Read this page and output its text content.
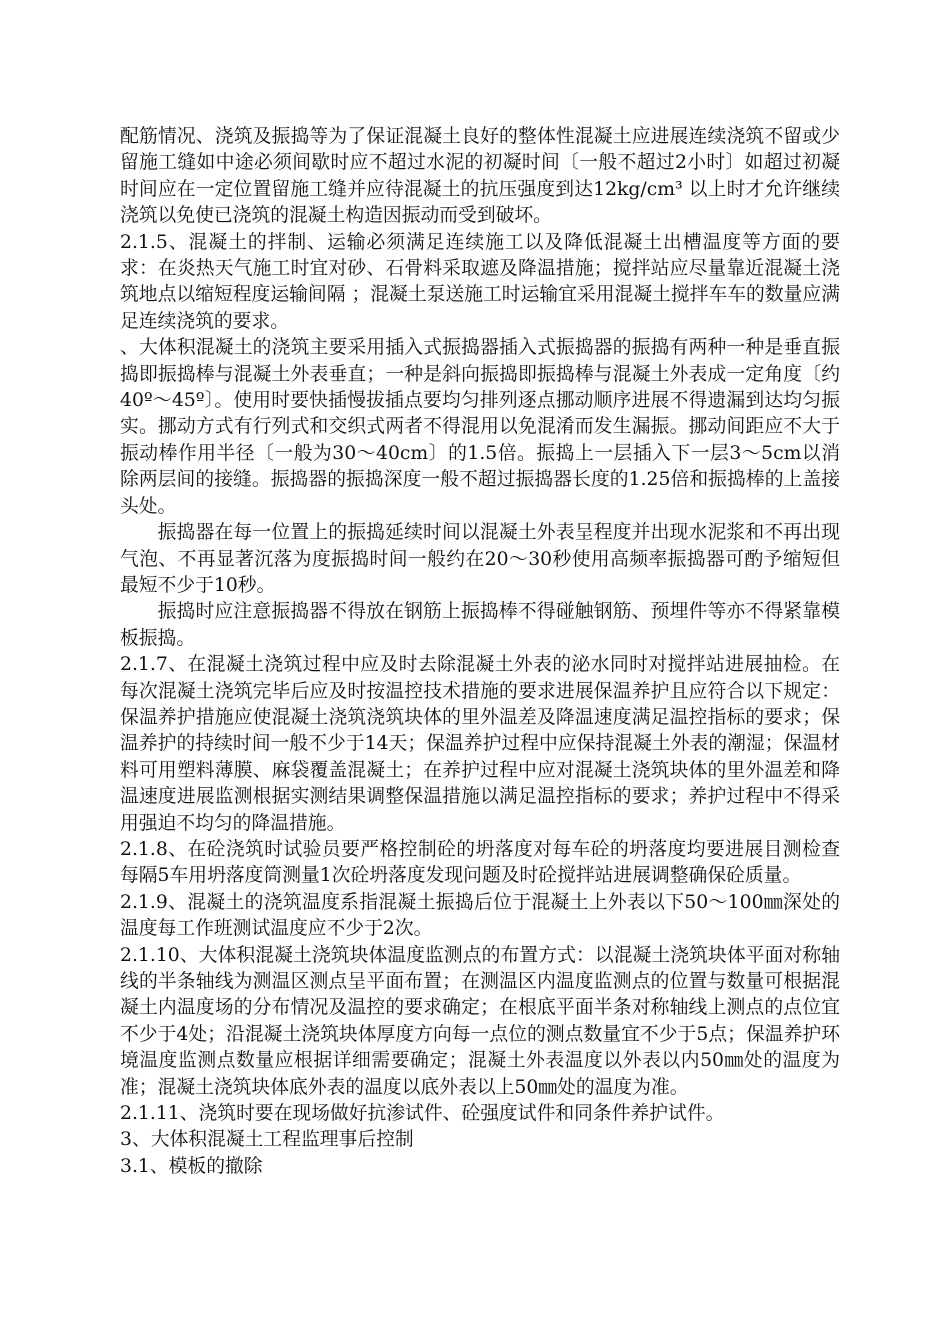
配筋情况、浇筑及振捣等为了保证混凝土良好的整体性混凝土应进展连续浇筑不留或少留施工缝如中途必须间歇时应不超过水泥的初凝时间〔一般不超过2小时〕如超过初凝时间应在一定位置留施工缝并应待混凝土的抗压强度到达12kg/cm³ 以上时才允许继续浇筑以免使已浇筑的混凝土构造因振动而受到破坏。

2.1.5、混凝土的拌制、运输必须满足连续施工以及降低混凝土出槽温度等方面的要求：在炎热天气施工时宜对砂、石骨料采取遮及降温措施；搅拌站应尽量靠近混凝土浇筑地点以缩短程度运输间隔 ；混凝土泵送施工时运输宜采用混凝土搅拌车车的数量应满足连续浇筑的要求。

、大体积混凝土的浇筑主要采用插入式振捣器插入式振捣器的振捣有两种一种是垂直振捣即振捣棒与混凝土外表垂直；一种是斜向振捣即振捣棒与混凝土外表成一定角度〔约40º～45º〕。使用时要快插慢拔插点要均匀排列逐点挪动顺序进展不得遗漏到达均匀振实。挪动方式有行列式和交织式两者不得混用以免混淆而发生漏振。挪动间距应不大于振动棒作用半径〔一般为30～40cm〕的1.5倍。振捣上一层插入下一层3～5cm以消除两层间的接缝。振捣器的振捣深度一般不超过振捣器长度的1.25倍和振捣棒的上盖接头处。

振捣器在每一位置上的振捣延续时间以混凝土外表呈程度并出现水泥浆和不再出现气泡、不再显著沉落为度振捣时间一般约在20～30秒使用高频率振捣器可酌予缩短但最短不少于10秒。

振捣时应注意振捣器不得放在钢筋上振捣棒不得碰触钢筋、预埋件等亦不得紧靠模板振捣。

2.1.7、在混凝土浇筑过程中应及时去除混凝土外表的泌水同时对搅拌站进展抽检。在每次混凝土浇筑完毕后应及时按温控技术措施的要求进展保温养护且应符合以下规定：保温养护措施应使混凝土浇筑浇筑块体的里外温差及降温速度满足温控指标的要求；保温养护的持续时间一般不少于14天；保温养护过程中应保持混凝土外表的潮湿；保温材料可用塑料薄膜、麻袋覆盖混凝土；在养护过程中应对混凝土浇筑块体的里外温差和降温速度进展监测根据实测结果调整保温措施以满足温控指标的要求；养护过程中不得采用强迫不均匀的降温措施。

2.1.8、在砼浇筑时试验员要严格控制砼的坍落度对每车砼的坍落度均要进展目测检查每隔5车用坍落度筒测量1次砼坍落度发现问题及时砼搅拌站进展调整确保砼质量。

2.1.9、混凝土的浇筑温度系指混凝土振捣后位于混凝土上外表以下50～100㎜深处的温度每工作班测试温度应不少于2次。

2.1.10、大体积混凝土浇筑块体温度监测点的布置方式：以混凝土浇筑块体平面对称轴线的半条轴线为测温区测点呈平面布置；在测温区内温度监测点的位置与数量可根据混凝土内温度场的分布情况及温控的要求确定；在根底平面半条对称轴线上测点的点位宜不少于4处；沿混凝土浇筑块体厚度方向每一点位的测点数量宜不少于5点；保温养护环境温度监测点数量应根据详细需要确定；混凝土外表温度以外表以内50㎜处的温度为准；混凝土浇筑块体底外表的温度以底外表以上50㎜处的温度为准。

2.1.11、浇筑时要在现场做好抗渗试件、砼强度试件和同条件养护试件。

3、大体积混凝土工程监理事后控制

3.1、模板的撤除
